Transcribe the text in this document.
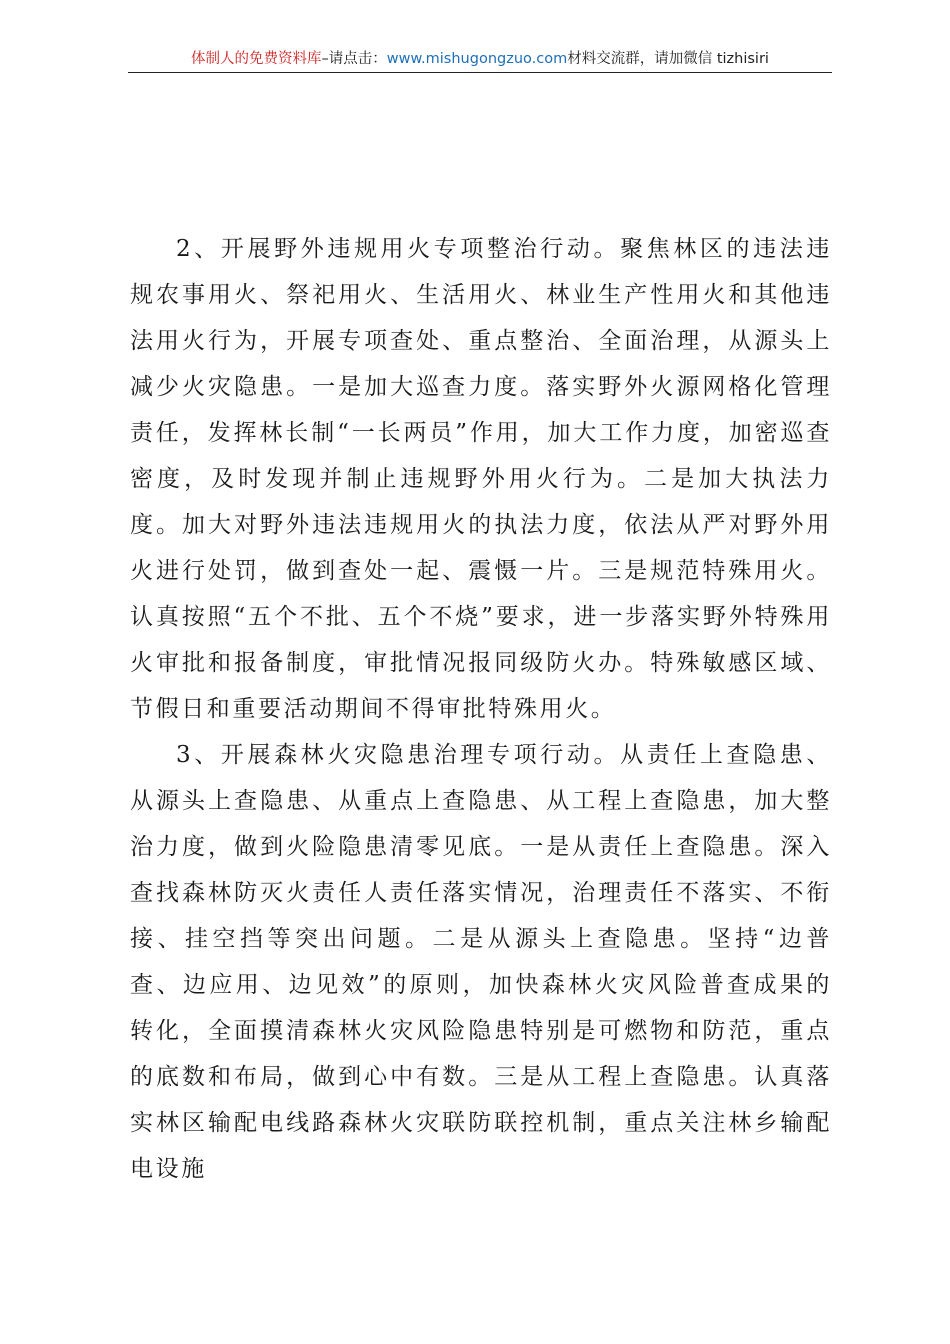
体制人的免费资料库–请点击：www.mishugongzuo.com材料交流群，请加微信 tizhisiri

2、开展野外违规用火专项整治行动。聚焦林区的违法违规农事用火、祭祀用火、生活用火、林业生产性用火和其他违法用火行为，开展专项查处、重点整治、全面治理，从源头上减少火灾隐患。一是加大巡查力度。落实野外火源网格化管理责任，发挥林长制“一长两员”作用，加大工作力度，加密巡查密度，及时发现并制止违规野外用火行为。二是加大执法力度。加大对野外违法违规用火的执法力度，依法从严对野外用火进行处罚，做到查处一起、震慑一片。三是规范特殊用火。认真按照“五个不批、五个不烧”要求，进一步落实野外特殊用火审批和报备制度，审批情况报同级防火办。特殊敏感区域、节假日和重要活动期间不得审批特殊用火。

3、开展森林火灾隐患治理专项行动。从责任上查隐患、从源头上查隐患、从重点上查隐患、从工程上查隐患，加大整治力度，做到火险隐患清零见底。一是从责任上查隐患。深入查找森林防灭火责任人责任落实情况，治理责任不落实、不衔接、挂空挡等突出问题。二是从源头上查隐患。坚持“边普查、边应用、边见效”的原则，加快森林火灾风险普查成果的转化，全面摸清森林火灾风险隐患特别是可燃物和防范，重点的底数和布局，做到心中有数。三是从工程上查隐患。认真落实林区输配电线路森林火灾联防联控机制，重点关注林乡输配电设施
